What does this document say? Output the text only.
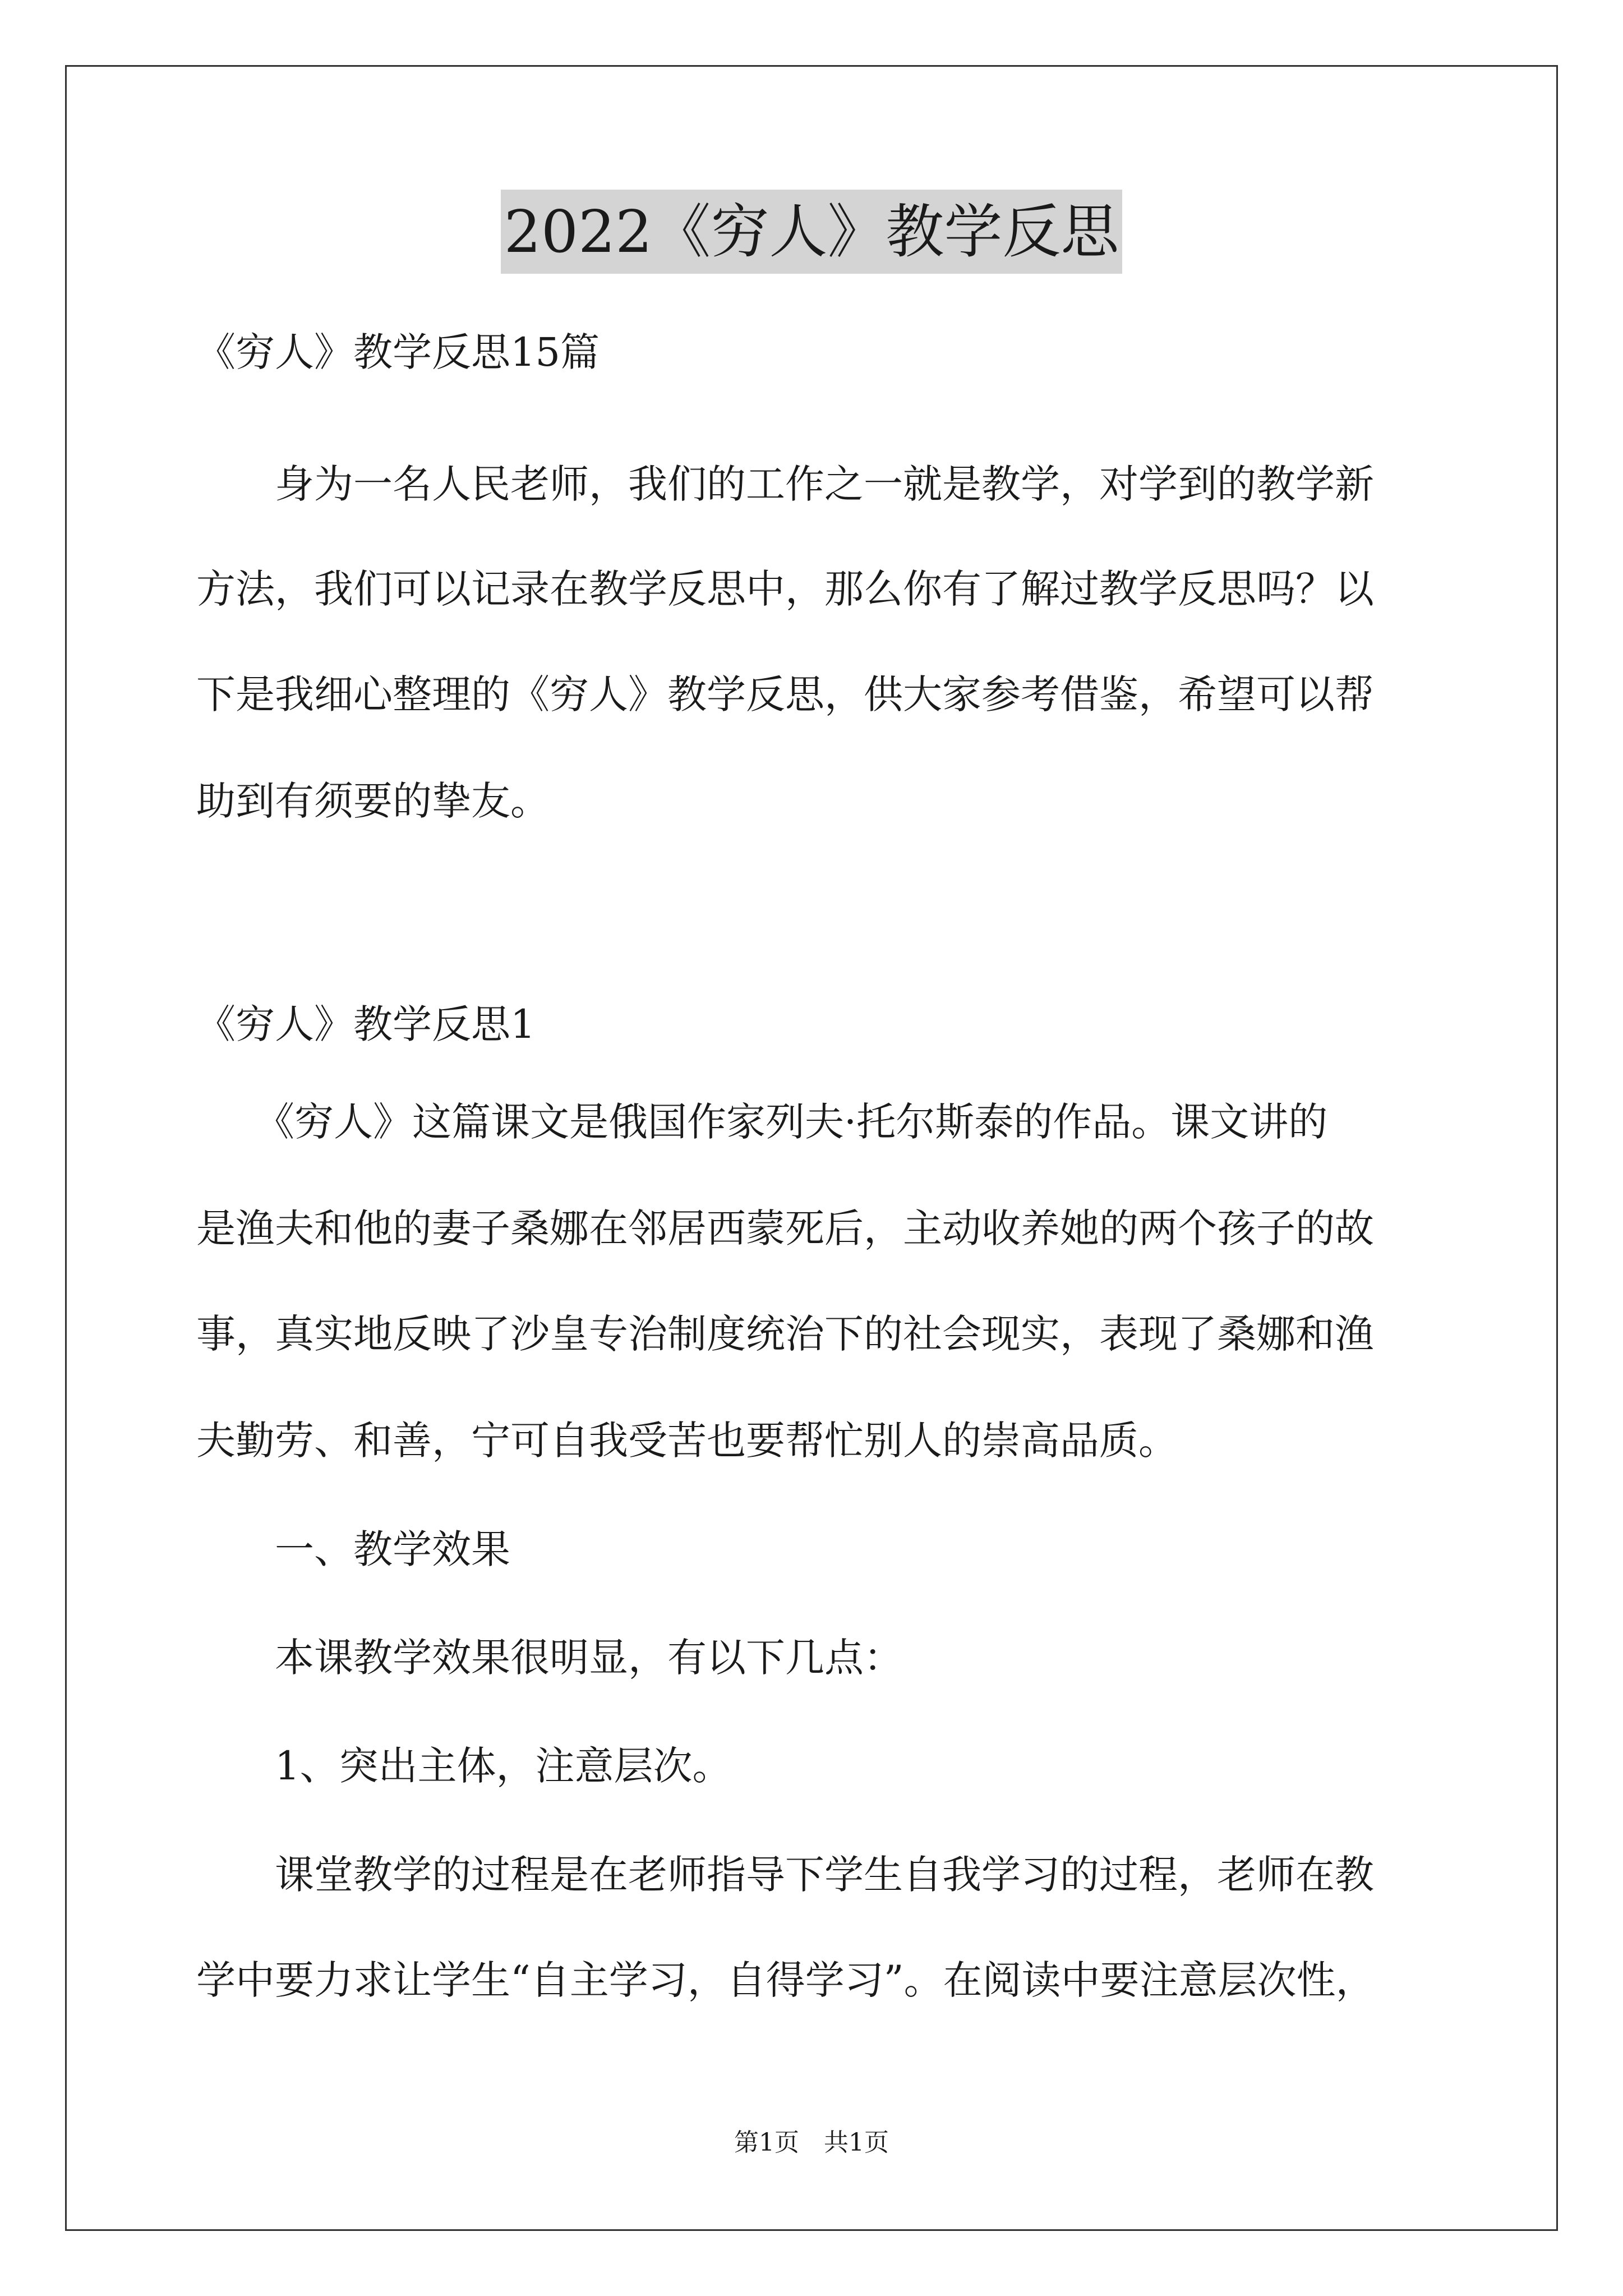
2022《穷人》教学反思
《穷人》教学反思15篇
　　身为一名人民老师，我们的工作之一就是教学，对学到的教学新
方法，我们可以记录在教学反思中，那么你有了解过教学反思吗？以
下是我细心整理的《穷人》教学反思，供大家参考借鉴，希望可以帮
助到有须要的挚友。
《穷人》教学反思1
　　《穷人》这篇课文是俄国作家列夫·托尔斯泰的作品。课文讲的
是渔夫和他的妻子桑娜在邻居西蒙死后，主动收养她的两个孩子的故
事，真实地反映了沙皇专治制度统治下的社会现实，表现了桑娜和渔
夫勤劳、和善，宁可自我受苦也要帮忙别人的崇高品质。
　　一、教学效果
　　本课教学效果很明显，有以下几点：
　　1、突出主体，注意层次。
　　课堂教学的过程是在老师指导下学生自我学习的过程，老师在教
学中要力求让学生“自主学习，自得学习”。在阅读中要注意层次性，
第1页　共1页
